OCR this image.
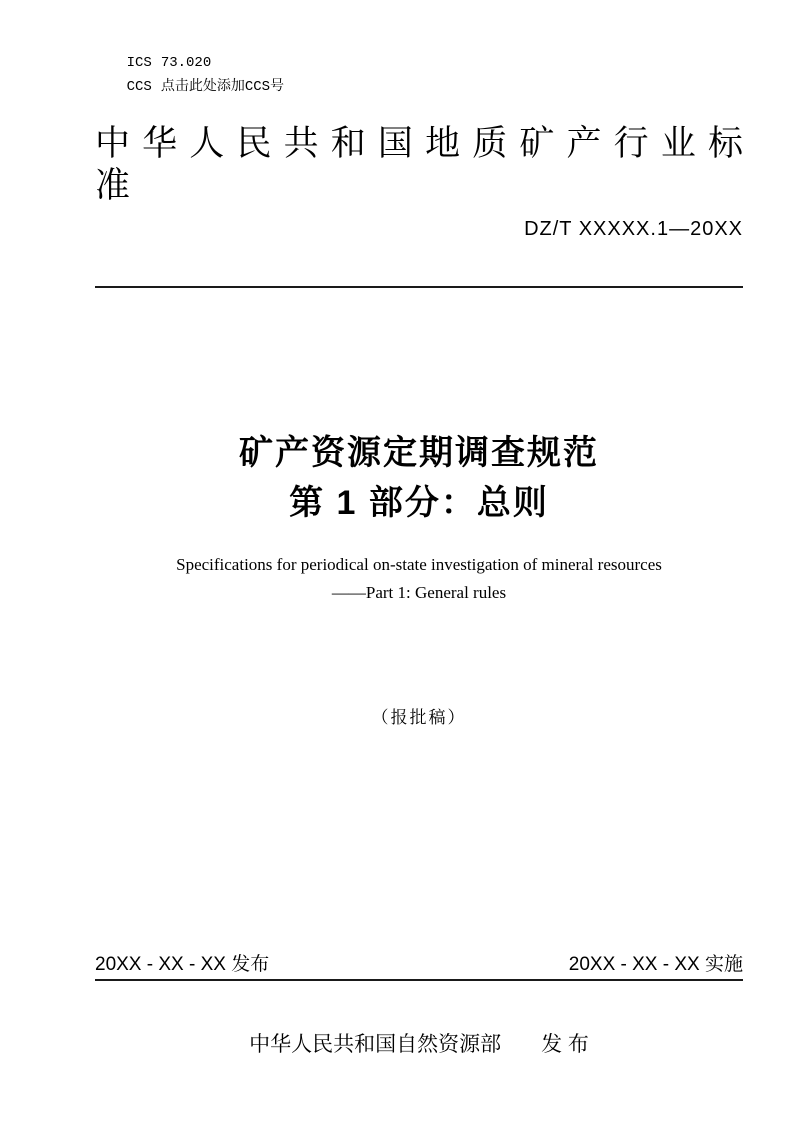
ICS 73.020

CCS 点击此处添加CCS号

中 华 人 民 共 和 国 地 质 矿 产 行 业 标 准
DZ/T XXXXX.1—20XX
矿产资源定期调查规范
第 1 部分：总则
Specifications for periodical on-state investigation of mineral resources
——Part 1: General rules
（报批稿）
20XX - XX - XX 发布	20XX - XX - XX 实施
中华人民共和国自然资源部 发 布
